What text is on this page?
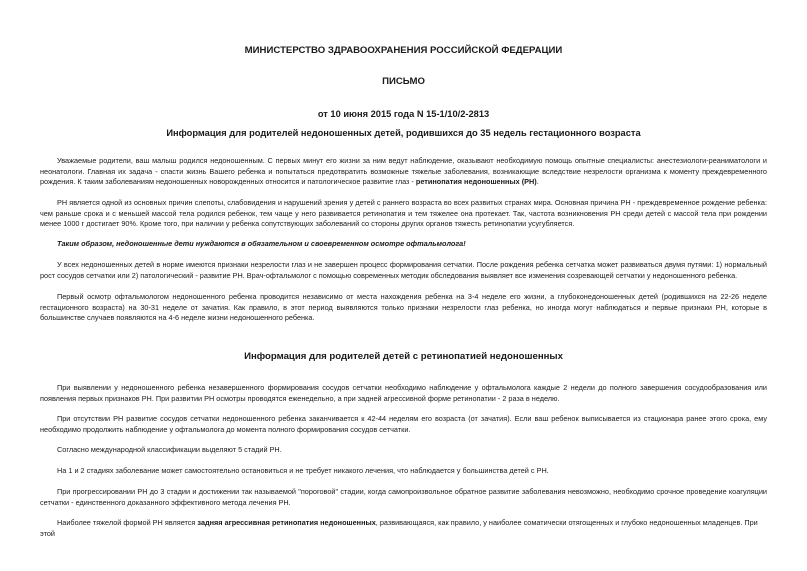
МИНИСТЕРСТВО ЗДРАВООХРАНЕНИЯ РОССИЙСКОЙ ФЕДЕРАЦИИ
ПИСЬМО
от 10 июня 2015 года N 15-1/10/2-2813
Информация для родителей недоношенных детей, родившихся до 35 недель гестационного возраста

Уважаемые родители, ваш малыш родился недоношенным. С первых минут его жизни за ним ведут наблюдение, оказывают необходимую помощь опытные специалисты: анестезиологи-реаниматологи и неонатологи. Главная их задача - спасти жизнь Вашего ребенка и попытаться предотвратить возможные тяжелые заболевания, возникающие вследствие незрелости организма к моменту преждевременного рождения. К таким заболеваниям недоношенных новорожденных относится и патологическое развитие глаз - ретинопатия недоношенных (РН).

РН является одной из основных причин слепоты, слабовидения и нарушений зрения у детей с раннего возраста во всех развитых странах мира. Основная причина РН - преждевременное рождение ребенка: чем раньше срока и с меньшей массой тела родился ребенок, тем чаще у него развивается ретинопатия и тем тяжелее она протекает. Так, частота возникновения РН среди детей с массой тела при рождении менее 1000 г достигает 90%. Кроме того, при наличии у ребенка сопутствующих заболеваний со стороны других органов тяжесть ретинопатии усугубляется.

Таким образом, недоношенные дети нуждаются в обязательном и своевременном осмотре офтальмолога!

У всех недоношенных детей в норме имеются признаки незрелости глаз и не завершен процесс формирования сетчатки. После рождения ребенка сетчатка может развиваться двумя путями: 1) нормальный рост сосудов сетчатки или 2) патологический - развитие РН. Врач-офтальмолог с помощью современных методик обследования выявляет все изменения созревающей сетчатки у недоношенного ребенка.

Первый осмотр офтальмологом недоношенного ребенка проводится независимо от места нахождения ребенка на 3-4 неделе его жизни, а глубоконедоношенных детей (родившихся на 22-26 неделе гестационного возраста) на 30-31 неделе от зачатия. Как правило, в этот период выявляются только признаки незрелости глаз ребенка, но иногда могут наблюдаться и первые признаки РН, которые в большинстве случаев появляются на 4-6 неделе жизни недоношенного ребенка.

Информация для родителей детей с ретинопатией недоношенных

При выявлении у недоношенного ребенка незавершенного формирования сосудов сетчатки необходимо наблюдение у офтальмолога каждые 2 недели до полного завершения сосудообразования или появления первых признаков РН. При развитии РН осмотры проводятся еженедельно, а при задней агрессивной форме ретинопатии - 2 раза в неделю.

При отсутствии РН развитие сосудов сетчатки недоношенного ребенка заканчивается к 42-44 неделям его возраста (от зачатия). Если ваш ребенок выписывается из стационара ранее этого срока, ему необходимо продолжить наблюдение у офтальмолога до момента полного формирования сосудов сетчатки.

Согласно международной классификации выделяют 5 стадий РН.

На 1 и 2 стадиях заболевание может самостоятельно остановиться и не требует никакого лечения, что наблюдается у большинства детей с РН.

При прогрессировании РН до 3 стадии и достижении так называемой "пороговой" стадии, когда самопроизвольное обратное развитие заболевания невозможно, необходимо срочное проведение коагуляции сетчатки - единственного доказанного эффективного метода лечения РН.

Наиболее тяжелой формой РН является задняя агрессивная ретинопатия недоношенных, развивающаяся, как правило, у наиболее соматически отягощенных и глубоко недоношенных младенцев. При этой
